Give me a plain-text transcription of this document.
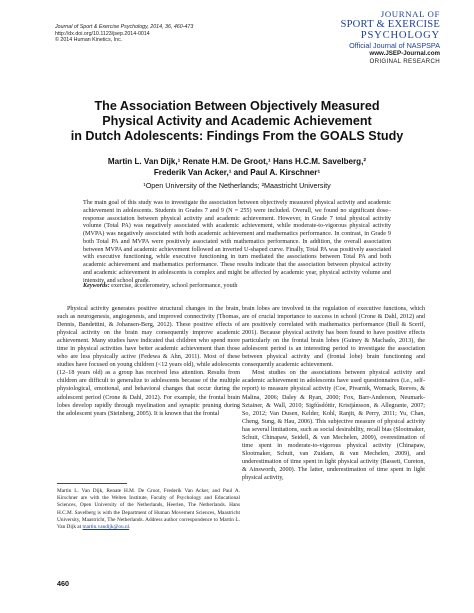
Journal of Sport & Exercise Psychology, 2014, 36, 460-473
http://dx.doi.org/10.1123/jsep.2014-0014
© 2014 Human Kinetics, Inc.
JOURNAL OF
SPORT & EXERCISE
PSYCHOLOGY
Official Journal of NASPSPA
www.JSEP-Journal.com
ORIGINAL RESEARCH
The Association Between Objectively Measured
Physical Activity and Academic Achievement
in Dutch Adolescents: Findings From the GOALS Study
Martin L. Van Dijk,¹ Renate H.M. De Groot,¹ Hans H.C.M. Savelberg,²
Frederik Van Acker,¹ and Paul A. Kirschner¹
¹Open University of the Netherlands; ²Maastricht University
The main goal of this study was to investigate the association between objectively measured physical activity and academic achievement in adolescents. Students in Grades 7 and 9 (N = 255) were included. Overall, we found no significant dose–response association between physical activity and academic achievement. However, in Grade 7 total physical activity volume (Total PA) was negatively associated with academic achievement, while moderate-to-vigorous physical activity (MVPA) was negatively associated with both academic achievement and mathematics performance. In contrast, in Grade 9 both Total PA and MVPA were positively associated with mathematics performance. In addition, the overall association between MVPA and academic achievement followed an inverted U-shaped curve. Finally, Total PA was positively associated with executive functioning, while executive functioning in turn mediated the associations between Total PA and both academic achievement and mathematics performance. These results indicate that the association between physical activity and academic achievement in adolescents is complex and might be affected by academic year, physical activity volume and intensity, and school grade.
Keywords: exercise, accelerometry, school performance, youth

Physical activity generates positive structural changes in the brain, such as neurogenesis, angiogenesis, and improved connectivity (Thomas, Dennis, Bandettini, & Johansen-Berg, 2012). These positive effects of physical activity on the brain may consequently improve academic achievement. Many studies have indicated that children who spend more time in physical activities have better academic achievement than those who are less physically active (Fedewa & Ahn, 2011). Most of these studies have focused on young children (<12 years old), while adolescents (12–18 years old) as a group has received less attention. Results from children are difficult to generalize to adolescents because of the multiple physiological, emotional, and behavioral changes that occur during the adolescent period (Crone & Dahl, 2012). For example, the frontal brain lobes develop rapidly through myelination and synaptic pruning during the adolescent years (Steinberg, 2005). It is known that the frontal

brain lobes are involved in the regulation of executive functions, which are of crucial importance to success in school (Crone & Dahl, 2012) and are positively correlated with mathematics performance (Bull & Scerif, 2001). Because physical activity has been found to have positive effects particularly on the frontal brain lobes (Guiney & Machado, 2013), the adolescent period is an interesting period to investigate the association between physical activity and (frontal lobe) brain functioning and consequently academic achievement.

Most studies on the associations between physical activity and academic achievement in adolescents have used questionnaires (i.e., self-report) to measure physical activity (Coe, Pivarnik, Womack, Reeves, & Malina, 2006; Daley & Ryan, 2000; Fox, Barr-Anderson, Neumark-Sztainer, & Wall, 2010; Sigfúsdóttir, Kristjánsson, & Allegrante, 2007; So, 2012; Van Dusen, Kelder, Kohl, Ranjit, & Perry, 2011; Yu, Chan, Cheng, Sung, & Hau, 2006). This subjective measure of physical activity has several limitations, such as social desirability, recall bias (Slootmaker, Schuit, Chinapaw, Seidell, & van Mechelen, 2009), overestimation of time spent in moderate-to-vigorous physical activity (Chinapaw, Slootmaker, Schuit, van Zuidam, & van Mechelen, 2009), and underestimation of time spent in light physical activity (Bassett, Cureton, & Ainsworth, 2000). The latter, underestimation of time spent in light physical activity,

Martin L. Van Dijk, Renate H.M. De Groot, Frederik Van Acker, and Paul A. Kirschner are with the Welten Institute, Faculty of Psychology and Educational Sciences, Open University of the Netherlands, Heerlen, The Netherlands. Hans H.C.M. Savelberg is with the Department of Human Movement Sciences, Maastricht University, Maastricht, The Netherlands. Address author correspondence to Martin L. Van Dijk at martin.vandijk@ou.nl.
460
